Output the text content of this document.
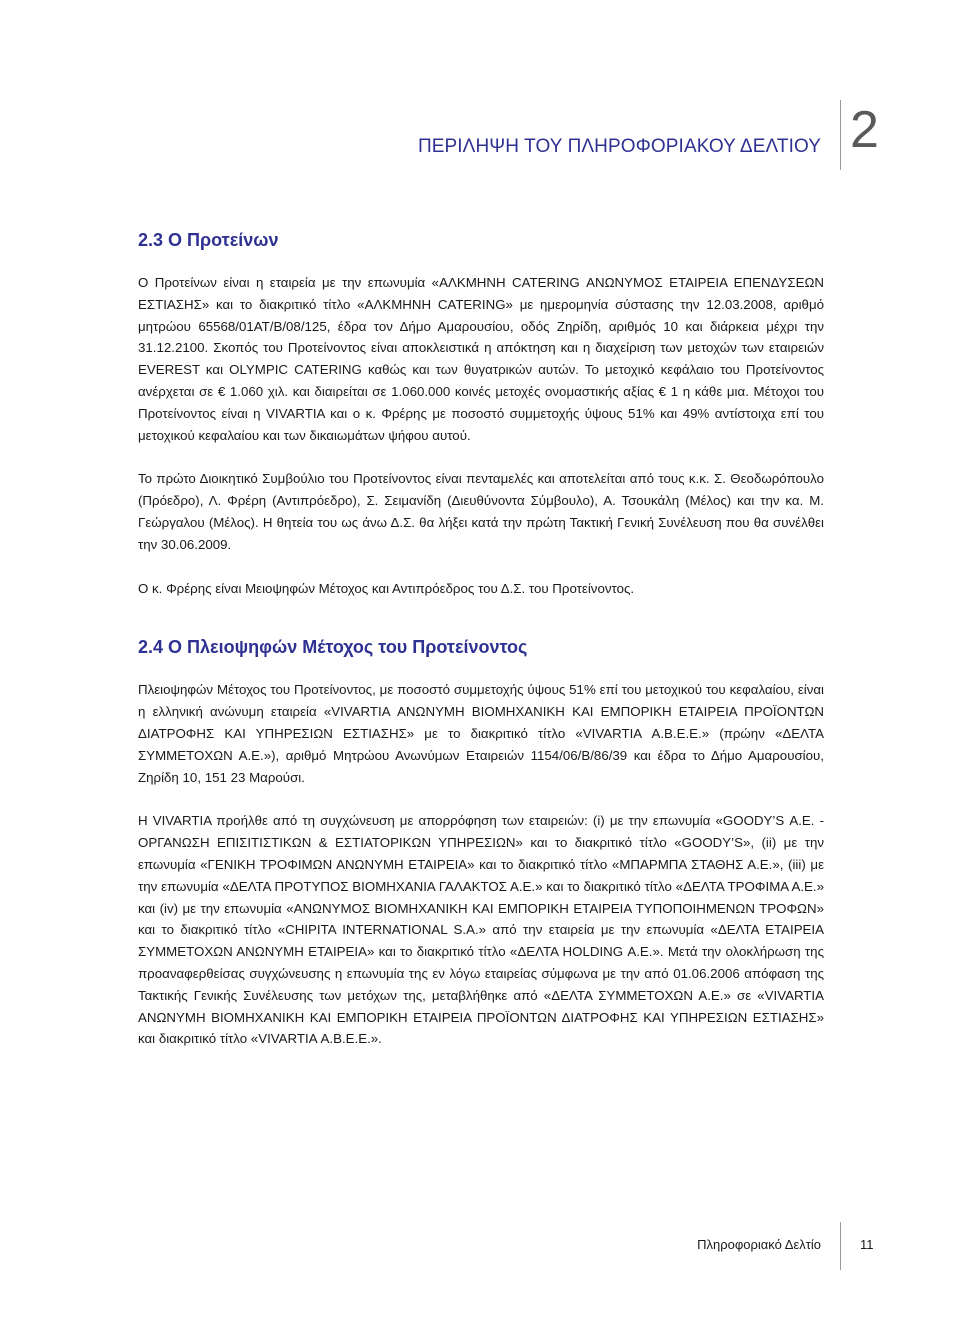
ΠΕΡΙΛΗΨΗ ΤΟΥ ΠΛΗΡΟΦΟΡΙΑΚΟΥ ΔΕΛΤΙΟΥ 2
2.3 Ο Προτείνων

Ο Προτείνων είναι η εταιρεία με την επωνυμία «ΑΛΚΜΗΝΗ CATERING ΑΝΩΝΥΜΟΣ ΕΤΑΙΡΕΙΑ ΕΠΕΝΔΥΣΕΩΝ ΕΣΤΙΑΣΗΣ» και το διακριτικό τίτλο «ΑΛΚΜΗΝΗ CATERING» με ημερομηνία σύστασης την 12.03.2008, αριθμό μητρώου 65568/01ΑΤ/Β/08/125, έδρα τον Δήμο Αμαρουσίου, οδός Ζηρίδη, αριθμός 10 και διάρκεια μέχρι την 31.12.2100. Σκοπός του Προτείνοντος είναι αποκλειστικά η απόκτηση και η διαχείριση των μετοχών των εταιρειών EVEREST και OLYMPIC CATERING καθώς και των θυγατρικών αυτών. Το μετοχικό κεφάλαιο του Προτείνοντος ανέρχεται σε € 1.060 χιλ. και διαιρείται σε 1.060.000 κοινές μετοχές ονομαστικής αξίας € 1 η κάθε μια. Μέτοχοι του Προτείνοντος είναι η VIVARTIA και ο κ. Φρέρης με ποσοστό συμμετοχής ύψους 51% και 49% αντίστοιχα επί του μετοχικού κεφαλαίου και των δικαιωμάτων ψήφου αυτού.

Το πρώτο Διοικητικό Συμβούλιο του Προτείνοντος είναι πενταμελές και αποτελείται από τους κ.κ. Σ. Θεοδωρόπουλο (Πρόεδρο), Λ. Φρέρη (Αντιπρόεδρο), Σ. Σειμανίδη (Διευθύνοντα Σύμβουλο), Α. Τσουκάλη (Μέλος) και την κα. Μ. Γεώργαλου (Μέλος). Η θητεία του ως άνω Δ.Σ. θα λήξει κατά την πρώτη Τακτική Γενική Συνέλευση που θα συνέλθει την 30.06.2009.

Ο κ. Φρέρης είναι Μειοψηφών Μέτοχος και Αντιπρόεδρος του Δ.Σ. του Προτείνοντος.

2.4 Ο Πλειοψηφών Μέτοχος του Προτείνοντος

Πλειοψηφών Μέτοχος του Προτείνοντος, με ποσοστό συμμετοχής ύψους 51% επί του μετοχικού του κεφαλαίου, είναι η ελληνική ανώνυμη εταιρεία «VIVARTIA ΑΝΩΝΥΜΗ ΒΙΟΜΗΧΑΝΙΚΗ ΚΑΙ ΕΜΠΟΡΙΚΗ ΕΤΑΙΡΕΙΑ ΠΡΟΪΟΝΤΩΝ ΔΙΑΤΡΟΦΗΣ ΚΑΙ ΥΠΗΡΕΣΙΩΝ ΕΣΤΙΑΣΗΣ» με το διακριτικό τίτλο «VIVARTIA Α.Β.Ε.Ε.» (πρώην «ΔΕΛΤΑ ΣΥΜΜΕΤΟΧΩΝ Α.Ε.»), αριθμό Μητρώου Ανωνύμων Εταιρειών 1154/06/Β/86/39 και έδρα το Δήμο Αμαρουσίου, Ζηρίδη 10, 151 23 Μαρούσι.

Η VIVARTIA προήλθε από τη συγχώνευση με απορρόφηση των εταιρειών: (i) με την επωνυμία «GOODY’S Α.Ε. - ΟΡΓΑΝΩΣΗ ΕΠΙΣΙΤΙΣΤΙΚΩΝ & ΕΣΤΙΑΤΟΡΙΚΩΝ ΥΠΗΡΕΣΙΩΝ» και το διακριτικό τίτλο «GOODY’S», (ii) με την επωνυμία «ΓΕΝΙΚΗ ΤΡΟΦΙΜΩΝ ΑΝΩΝΥΜΗ ΕΤΑΙΡΕΙΑ» και το διακριτικό τίτλο «ΜΠΑΡΜΠΑ ΣΤΑΘΗΣ Α.Ε.», (iii) με την επωνυμία «ΔΕΛΤΑ ΠΡΟΤΥΠΟΣ ΒΙΟΜΗΧΑΝΙΑ ΓΑΛΑΚΤΟΣ Α.Ε.» και το διακριτικό τίτλο «ΔΕΛΤΑ ΤΡΟΦΙΜΑ Α.Ε.» και (iv) με την επωνυμία «ΑΝΩΝΥΜΟΣ ΒΙΟΜΗΧΑΝΙΚΗ ΚΑΙ ΕΜΠΟΡΙΚΗ ΕΤΑΙΡΕΙΑ ΤΥΠΟΠΟΙΗΜΕΝΩΝ ΤΡΟΦΩΝ» και το διακριτικό τίτλο «CHIPITA INTERNATIONAL S.A.» από την εταιρεία με την επωνυμία «ΔΕΛΤΑ ΕΤΑΙΡΕΙΑ ΣΥΜΜΕΤΟΧΩΝ ΑΝΩΝΥΜΗ ΕΤΑΙΡΕΙΑ» και το διακριτικό τίτλο «ΔΕΛΤΑ HOLDING Α.Ε.». Μετά την ολοκλήρωση της προαναφερθείσας συγχώνευσης η επωνυμία της εν λόγω εταιρείας σύμφωνα με την από 01.06.2006 απόφαση της Τακτικής Γενικής Συνέλευσης των μετόχων της, μεταβλήθηκε από «ΔΕΛΤΑ ΣΥΜΜΕΤΟΧΩΝ Α.Ε.» σε «VIVARTIA ΑΝΩΝΥΜΗ ΒΙΟΜΗΧΑΝΙΚΗ ΚΑΙ ΕΜΠΟΡΙΚΗ ΕΤΑΙΡΕΙΑ ΠΡΟΪΟΝΤΩΝ ΔΙΑΤΡΟΦΗΣ ΚΑΙ ΥΠΗΡΕΣΙΩΝ ΕΣΤΙΑΣΗΣ» και διακριτικό τίτλο «VIVARTIA Α.Β.Ε.Ε.».

Πληροφοριακό Δελτίο	11
